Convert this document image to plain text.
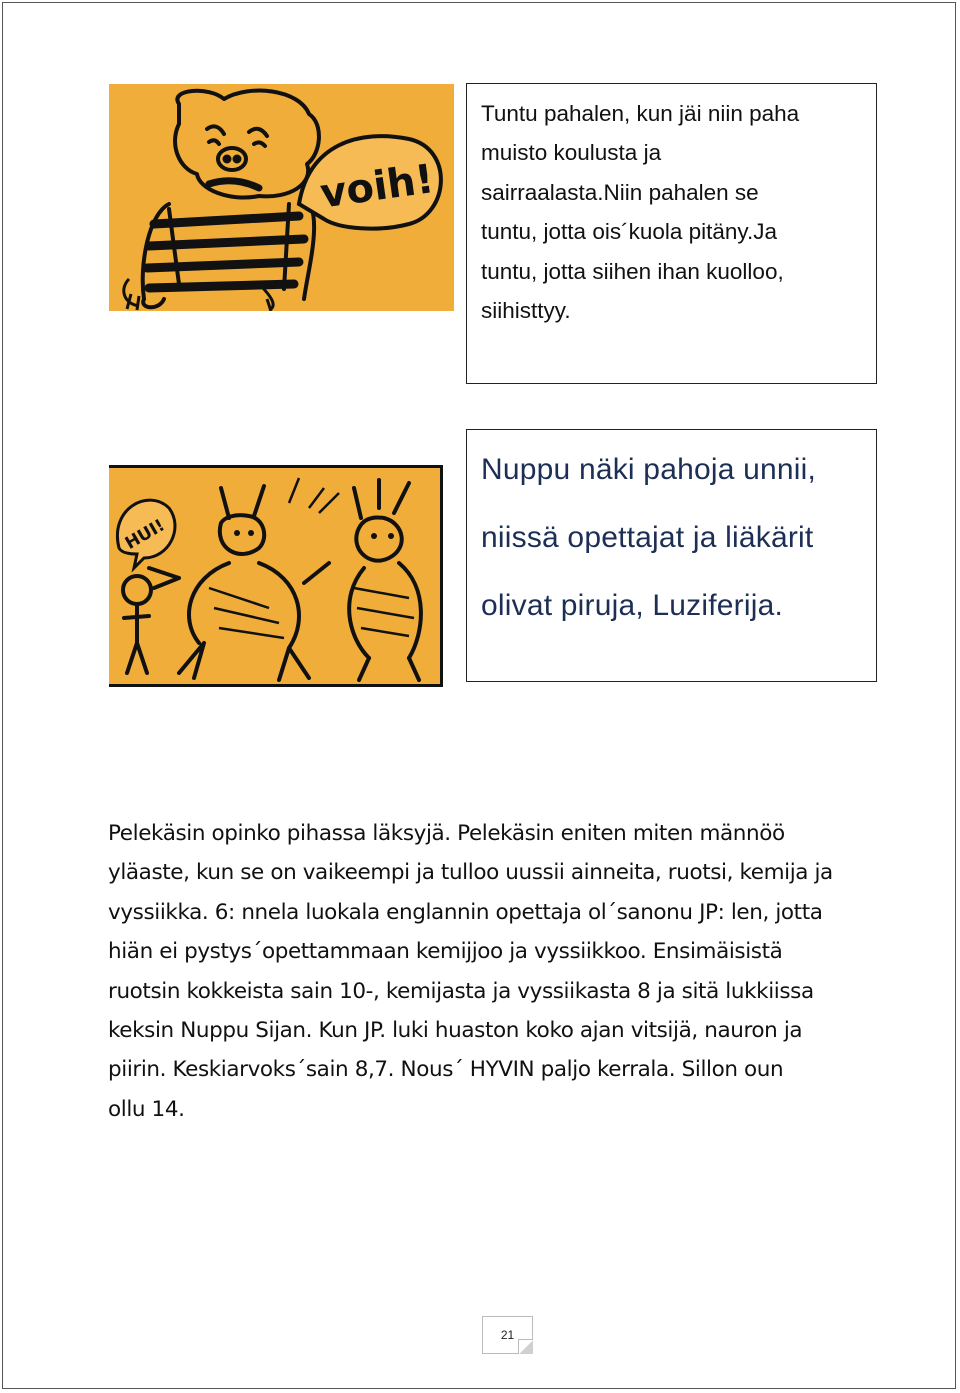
voih!

Tuntu pahalen, kun jäi niin paha

muisto koulusta ja

sairraalasta.Niin pahalen se

tuntu, jotta ois´kuola pitäny.Ja

tuntu, jotta siihen ihan kuolloo,

siihisttyy.

HUI!

Nuppu näki pahoja unnii,

niissä opettajat ja liäkärit

olivat piruja, Luziferija.

Pelekäsin opinko pihassa läksyjä. Pelekäsin eniten miten männöö
yläaste, kun se on vaikeempi ja tulloo uussii ainneita, ruotsi, kemija ja
vyssiikka. 6: nnela luokala englannin opettaja ol´sanonu JP: len, jotta
hiän ei pystys´opettammaan kemijjoo ja vyssiikkoo. Ensimäisistä
ruotsin kokkeista sain 10-, kemijasta ja vyssiikasta 8 ja sitä lukkiissa
keksin Nuppu Sijan. Kun JP. luki huaston koko ajan vitsijä, nauron ja
piirin. Keskiarvoks´sain 8,7. Nous´ HYVIN paljo kerrala. Sillon oun
ollu 14.
21
